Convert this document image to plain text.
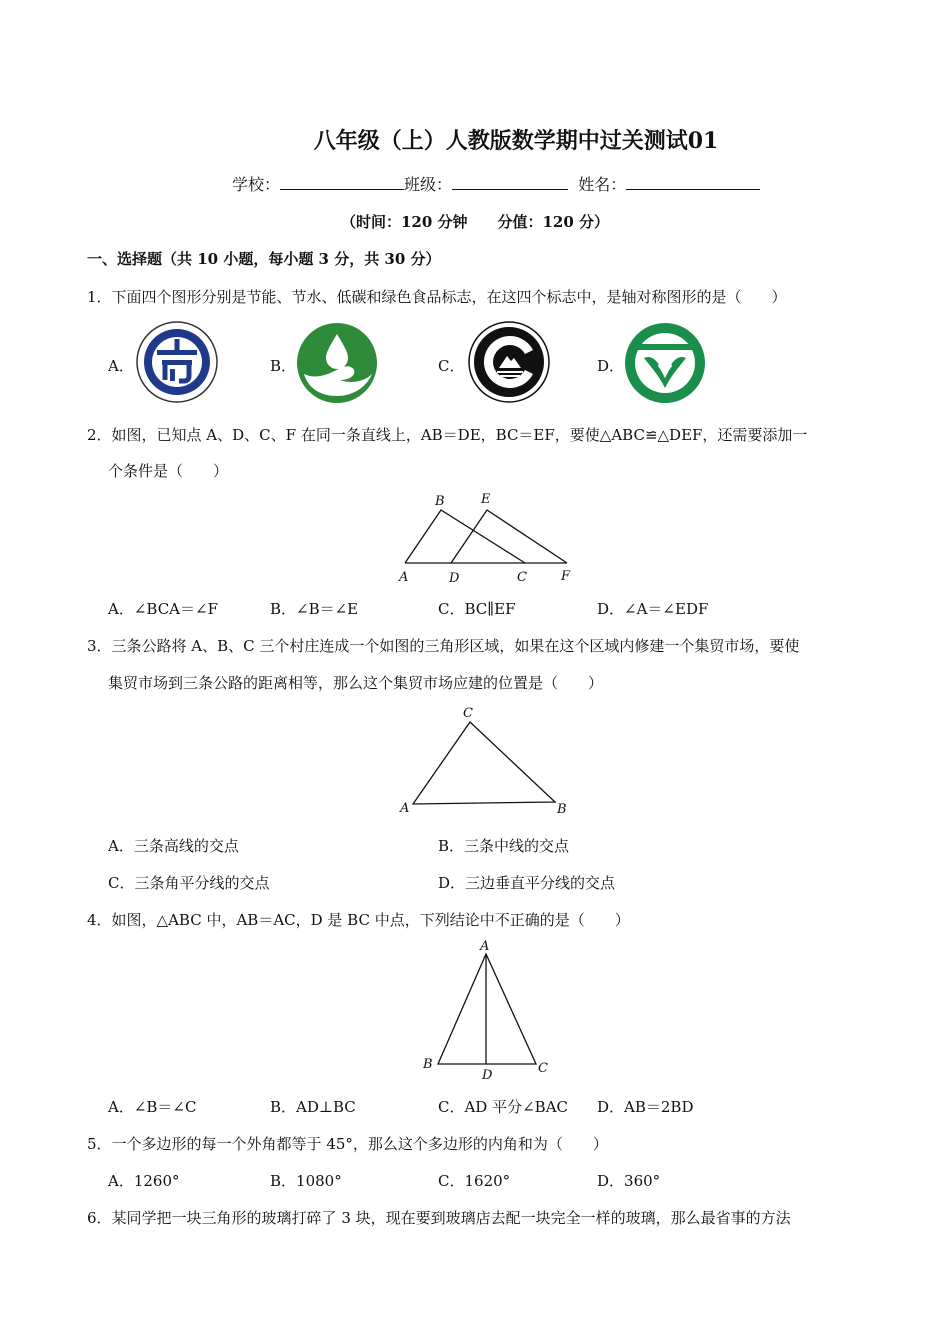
八年级（上）人教版数学期中过关测试01
学校：	班级：	姓名：
（时间：120 分钟　　分值：120 分）
一、选择题（共 10 小题，每小题 3 分，共 30 分）
1．下面四个图形分别是节能、节水、低碳和绿色食品标志，在这四个标志中，是轴对称图形的是（　　）
A．	B．	C．	D．
2．如图，已知点 A、D、C、F 在同一条直线上，AB＝DE，BC＝EF，要使△ABC≌△DEF，还需要添加一
个条件是（　　）
B	E
A	D	C	F
A．∠BCA＝∠F	B．∠B＝∠E	C．BC∥EF	D．∠A＝∠EDF
3．三条公路将 A、B、C 三个村庄连成一个如图的三角形区域，如果在这个区域内修建一个集贸市场，要使
集贸市场到三条公路的距离相等，那么这个集贸市场应建的位置是（　　）
C
A	B
A．三条高线的交点	B．三条中线的交点
C．三条角平分线的交点	D．三边垂直平分线的交点
4．如图，△ABC 中，AB＝AC，D 是 BC 中点，下列结论中不正确的是（　　）
A
B	C
D
A．∠B＝∠C	B．AD⊥BC	C．AD 平分∠BAC D．AB＝2BD
5．一个多边形的每一个外角都等于 45°，那么这个多边形的内角和为（　　）
A．1260°	B．1080°	C．1620°	D．360°
6．某同学把一块三角形的玻璃打碎了 3 块，现在要到玻璃店去配一块完全一样的玻璃，那么最省事的方法
